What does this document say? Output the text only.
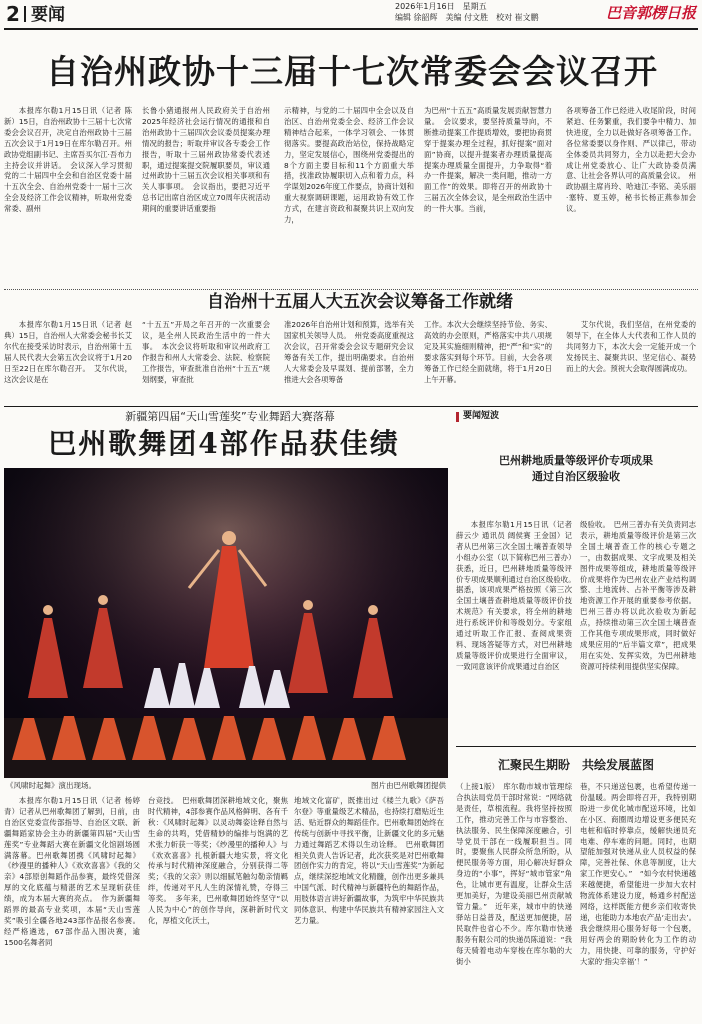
2 要闻	2026年1月16日　星期五
编辑 徐韶辉　美编 付文胜　校对 崔文鹏	巴音郭楞日报
自治州政协十三届十七次常委会会议召开

本报库尔勒1月15日讯（记者 陈新）15日，自治州政协十三届十七次常委会会议召开，决定自治州政协十三届五次会议于1月19日在库尔勒召开。州政协党组副书记、主席吾买尔江·吾布力主持会议并讲话。　会议深入学习贯彻党的二十届四中全会和自治区党委十届十五次全会、自治州党委十一届十三次全会及经济工作会议精神，听取州党委常委、副州

长鲁小猪通报州人民政府关于自治州2025年经济社会运行情况的通报和自治州政协十三届四次会议委员提案办理情况的报告；听取并审议各专委会工作报告，听取十三届州政协常委代表述职，通过提案提交院履职要员，审议通过州政协十三届五次会议相关事项和有关人事事项。　会议指出，要把习近平总书记出席自治区成立70周年庆祝活动期间的重要讲话重要指

示精神，与党的二十届四中全会以及自治区、自治州党委全会、经济工作会议精神结合起来，一体学习领会、一体贯彻落实。要提高政治站位，保持战略定力，坚定发展信心，围绕州党委提出的8个方面主要目标和11个方面重大举措，找准政协履职切入点和着力点，科学谋划2026年度工作要点，协商计划和重大视察调研课题，运用政协有效工作方式，在建言资政和凝聚共识上双向发力，

为巴州“十五五”高质量发展贡献智慧力量。　会议要求，要坚持质量导向，不断推动提案工作提质增效，要把协商贯穿于提案办理全过程，抓好提案“面对面”协商，以提升提案者办理质量提高提案办理质量全面提升，力争取得“着办一件提案，解决一类问题，推动一方面工作”的效果。即将召开的州政协十三届五次全体会议，是全州政治生活中的一件大事。当前，

各项筹备工作已经进入收尾阶段，时间紧迫、任务繁重，我们要争中精力、加快进度，全力以赴做好各项筹备工作。各位常委要以身作则、严以律己，带动全体委员共同努力，全力以赴把大会办成让州党委放心、让广大政协委员满意、让社会各界认可的高质量会议。　州政协副主席肖玲、哈迪江·李铭、美乐丽·塞特、夏玉婷，秘书长杨正燕参加会议。

自治州十五届人大五次会议筹备工作就绪

本报库尔勒1月15日讯（记者 赵典）15日，自治州人大常委会秘书长艾尔代在接受采访时表示，自治州第十五届人民代表大会第五次会议将于1月20日至22日在库尔勒召开。　艾尔代说，这次会议是在

“十五五”开局之年召开的一次重要会议，是全州人民政治生活中的一件大事。　本次会议将听取和审议州政府工作报告和州人大常委会、法院、检察院工作报告，审查批准自治州“十五五”规划纲要，审查批

准2026年自治州计划和预算，选举有关国家机关领导人员。　州党委高度重视这次会议，召开常委会会议专题研究会议筹备有关工作，提出明确要求。自治州人大常委会及早谋划、提前部署，全力推进大会各项筹备

工作。本次大会继续坚持节俭、务实、高效的办会原则，严格落实中共八项规定及其实施细则精神，把“严”和“实”的要求落实到每个环节。目前，大会各项筹备工作已经全面就绪，将于1月20日上午开幕。

艾尔代说，我们坚信，在州党委的领导下，在全体人大代表和工作人员的共同努力下，本次大会一定能开成一个发扬民主、凝聚共识、坚定信心、凝势而上的大会。预祝大会取得圆满成功。

新疆第四届“天山雪莲奖”专业舞蹈大赛落幕
巴州歌舞团4部作品获佳绩
《风啸时起舞》演出现场。	图片由巴州歌舞团提供

本报库尔勒1月15日讯（记者 杨婷青）记者从巴州歌舞团了解到，日前，由自治区党委宣传部指导、自治区文联、新疆舞蹈家协会主办的新疆第四届“天山雪莲奖”专业舞蹈大赛在新疆文化馆剧场圆满落幕。巴州歌舞团携《风啸时起舞》《纱漫里的播种人》《欢欢喜喜》《我的父亲》4部原创舞蹈作品参赛，最终凭借深厚的文化底蕴与精湛的艺术呈现斩获佳绩，成为本届大赛的亮点。　作为新疆舞蹈界的最高专业奖项，本届“天山雪莲奖”吸引全疆各地243部作品报名参赛。经严格遴选，67部作品入围决赛，逾1500名舞者同

台竞技。　巴州歌舞团深耕地域文化，聚焦时代精神，4部参赛作品风格鲜明、各有千秋：《风啸时起舞》以灵动舞姿诠释自然与生命的共鸣，凭借精妙的编排与饱满的艺术张力斩获一等奖；《纱漫里的播种人》与《欢欢喜喜》扎根新疆大地实景，将文化传承与时代精神深度融合，分别获得二等奖；《我的父亲》则以细腻笔触勾勒亲情羁绊，传递对平凡人生的深情礼赞，夺得三等奖。　多年来，巴州歌舞团始终坚守“以人民为中心”的创作导向，深耕新时代文化，厚植文化沃土，

地域文化富矿，既推出过《楼兰九歌》《萨吾尔登》等重量级艺术精品，也持续打磨贴近生活、贴近群众的舞蹈佳作。巴州歌舞团始终在传统与创新中寻找平衡，让新疆文化的多元魅力通过舞蹈艺术得以生动诠释。　巴州歌舞团相关负责人告诉记者，此次获奖是对巴州歌舞团创作实力的肯定，将以“天山雪莲奖”为新起点，继续深挖地域文化精髓，创作出更多兼具中国气派、时代精神与新疆特色的舞蹈作品，用肢体语言讲好新疆故事，为筑牢中华民族共同体意识、构建中华民族共有精神家园注入文艺力量。

要闻短波
巴州耕地质量等级评价专项成果
通过自治区级验收

本报库尔勒1月15日讯（记者 薛云少 通讯员 阔侯赛 王金国）记者从巴州第三次全国土壤普查领导小组办公室（以下简称巴州三普办）获悉，近日，巴州耕地质量等级评价专项成果顺利通过自治区级验收。　据悉，该项成果严格按照《第三次全国土壤普查耕地质量等级评价技术规范》有关要求，将全州的耕地进行系统评价和等级划分。专家组通过听取工作汇报、查阅成果资料、现场答疑等方式，对巴州耕地质量等级评价成果进行全面审议，一致同意该评价成果通过自治区

级验收。　巴州三普办有关负责同志表示，耕地质量等级评价是第三次全国土壤普查工作的核心专题之一，由数据成果、文字成果及相关图件成果等组成，耕地质量等级评价成果将作为巴州农业产业结构调整、土地流转、占补平衡等涉及耕地资源工作开展的重要参考依据。巴州三普办将以此次验收为新起点，持续推动第三次全国土壤普查工作其他专项成果形成，同时做好成果应用的“后半篇文章”，把成果用在实处、发挥实效，为巴州耕地资源可持续利用提供坚实保障。

汇聚民生期盼　共绘发展蓝图

（上接1版）　库尔勒市城市管理综合执法局党员干部时常说：“网络就是责任，草根流程。我将坚持按照工作，推动完善工作与市容整治、执法服务、民生保障深度融合，引导党员干部在一线履职担当。同时，要聚焦人民群众所急所盼，从便民服务等方面，用心解决好群众身边的“小事”，挥好“城市管家”角色，让城市更有温度，让群众生活更加美好，为建设美丽巴州贡献城管力量。”　近年来，城市中的快递驿站日益普及，配送更加便捷，居民取件也省心不少。库尔勒市快递服务有限公司的快递员陈道说：“我每天骑着电动车穿梭在库尔勒的大街小

巷，不只递送包裹，也希望传递一份温暖。两会即将召开，我特别期盼进一步优化城市配送环境，比如在小区、商圈周边增设更多便民充电桩和临时停靠点，缓解快递员充电难、停车难的问题。同时，也期望能加强对快递从业人员权益的保障，完善社保、休息等制度，让大家工作更安心。”　“如今农村快递越来越便捷，希望能进一步加大农村物流体系建设力度，畅通乡村配送网络，这样既能方便乡亲们收寄快递，也能助力本地农产品‘走出去’。我会继续用心服务好每一个包裹，用好两会的期盼转化为工作的动力，用快捷、可靠的服务，守护好大家的‘指尖幸福’！”
